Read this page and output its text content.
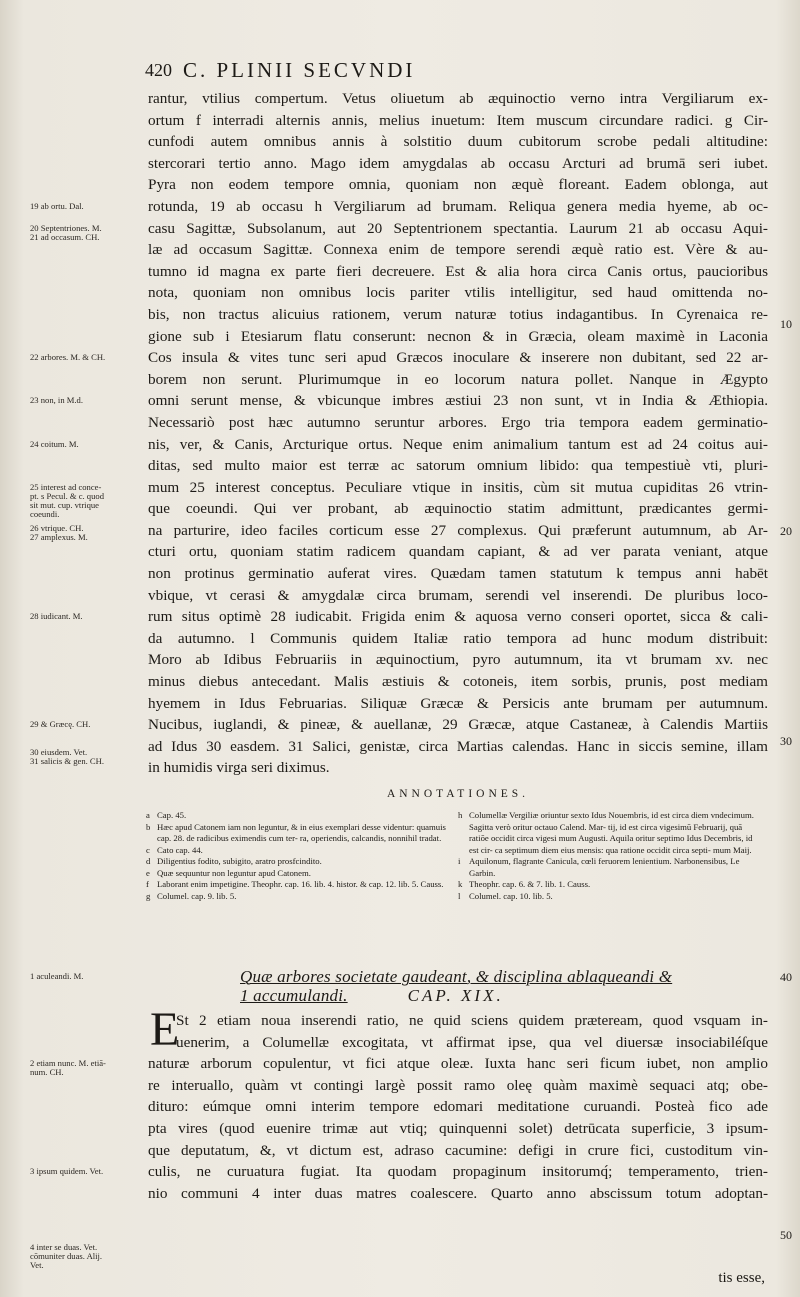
420 C. PLINII SECVNDI
19 ab ortu. Dal.
20 Septentriones. M.
21 ad occasum. CH.
22 arbores. M. & CH.
23 non, in M.d.
24 coitum. M.
25 interest ad conce-
pt. s Pecul. & c. quod
sit mut. cup. vtrique
coeundi.
26 vtrique. CH.
27 amplexus. M.
28 iudicant. M.
29 & Græcę. CH.
30 eiusdem. Vet.
31 salicis & gen. CH.
1 aculeandi. M.
2 etiam nunc. M. etiā-
num. CH.
3 ipsum quidem. Vet.
4 inter se duas. Vet.
cōmuniter duas. Alij.
Vet.
10
20
30

rantur, vtilius compertum. Vetus oliuetum ab æquinoctio verno intra Vergiliarum ex-

ortum f interradi alternis annis, melius inuetum: Item muscum circundare radici. g Cir-

cunfodi autem omnibus annis à solstitio duum cubitorum scrobe pedali altitudine:

stercorari tertio anno. Mago idem amygdalas ab occasu Arcturi ad brumā seri iubet.

Pyra non eodem tempore omnia, quoniam non æquè floreant. Eadem oblonga, aut

rotunda, 19 ab occasu h Vergiliarum ad brumam. Reliqua genera media hyeme, ab oc-

casu Sagittæ, Subsolanum, aut 20 Septentrionem spectantia. Laurum 21 ab occasu Aqui-

læ ad occasum Sagittæ. Connexa enim de tempore serendi æquè ratio est. Vère & au-

tumno id magna ex parte fieri decreuere. Est & alia hora circa Canis ortus, paucioribus

nota, quoniam non omnibus locis pariter vtilis intelligitur, sed haud omittenda no-

bis, non tractus alicuius rationem, verum naturæ totius indagantibus. In Cyrenaica re-

gione sub i Etesiarum flatu conserunt: necnon & in Græcia, oleam maximè in Laconia

Cos insula & vites tunc seri apud Græcos inoculare & inserere non dubitant, sed 22 ar-

borem non serunt. Plurimumque in eo locorum natura pollet. Nanque in Ægypto

omni serunt mense, & vbicunque imbres æstiui 23 non sunt, vt in India & Æthiopia.

Necessariò post hæc autumno seruntur arbores. Ergo tria tempora eadem germinatio-

nis, ver, & Canis, Arcturique ortus. Neque enim animalium tantum est ad 24 coitus aui-

ditas, sed multo maior est terræ ac satorum omnium libido: qua tempestiuè vti, pluri-

mum 25 interest conceptus. Peculiare vtique in insitis, cùm sit mutua cupiditas 26 vtrin-

que coeundi. Qui ver probant, ab æquinoctio statim admittunt, prædicantes germi-

na parturire, ideo faciles corticum esse 27 complexus. Qui præferunt autumnum, ab Ar-

cturi ortu, quoniam statim radicem quandam capiant, & ad ver parata veniant, atque

non protinus germinatio auferat vires. Quædam tamen statutum k tempus anni habēt

vbique, vt cerasi & amygdalæ circa brumam, serendi vel inserendi. De pluribus loco-

rum situs optimè 28 iudicabit. Frigida enim & aquosa verno conseri oportet, sicca & cali-

da autumno. l Communis quidem Italiæ ratio tempora ad hunc modum distribuit:

Moro ab Idibus Februariis in æquinoctium, pyro autumnum, ita vt brumam xv. nec

minus diebus antecedant. Malis æstiuis & cotoneis, item sorbis, prunis, post mediam

hyemem in Idus Februarias. Siliquæ Græcæ & Persicis ante brumam per autumnum.

Nucibus, iuglandi, & pineæ, & auellanæ, 29 Græcæ, atque Castaneæ, à Calendis Martiis

ad Idus 30 easdem. 31 Salici, genistæ, circa Martias calendas. Hanc in siccis semine, illam

in humidis virga seri diximus.

ANNOTATIONES.
a Cap. 45.
b Hæc apud Catonem iam non leguntur, & in eius exemplari desse videntur: quamuis cap. 28. de radicibus eximendis cum ter- ra, operiendis, calcandis, nonnihil tradat.
c Cato cap. 44.
d Diligentius fodito, subigito, aratro prosfcindito.
e Quæ sequuntur non leguntur apud Catonem.
f Laborant enim impetigine. Theophr. cap. 16. lib. 4. histor. & cap. 12. lib. 5. Causs.
g Columel. cap. 9. lib. 5.
h Columellæ Vergiliæ oriuntur sexto Idus Nouembris, id est circa diem vndecimum. Sagitta verò oritur octauo Calend. Mar- tij, id est circa vigesimū Februarij, quā ratiōe occidit circa vigesi mum Augusti. Aquila oritur septimo Idus Decembris, id est cir- ca septimum diem eius mensis: qua ratione occidit circa septi- mum Maij.
i Aquilonum, flagrante Canicula, cœli feruorem lenientium. Narbonensibus, Le Garbin.
k Theophr. cap. 6. & 7. lib. 1. Causs.
l Columel. cap. 10. lib. 5.
Quæ arbores societate gaudeant, & disciplina ablaqueandi &
1 accumulandi.	CAP. XIX.
40
E

St 2 etiam noua inserendi ratio, ne quid sciens quidem præteream, quod vsquam in-

uenerim, a Columellæ excogitata, vt affirmat ipse, qua vel diuersæ insociabiléſque

naturæ arborum copulentur, vt fici atque oleæ. Iuxta hanc seri ficum iubet, non amplio

re interuallo, quàm vt contingi largè possit ramo oleę quàm maximè sequaci atq; obe-

dituro: eúmque omni interim tempore edomari meditatione curuandi. Posteà fico ade

pta vires (quod euenire trimæ aut vtiq; quinquenni solet) detrūcata superficie, 3 ipsum-

que deputatum, &, vt dictum est, adraso cacumine: defigi in crure fici, custoditum vin-

culis, ne curuatura fugiat. Ita quodam propaginum insitorumq́; temperamento, trien-

nio communi 4 inter duas matres coalescere. Quarto anno abscissum totum adoptan-

50
tis esse,
